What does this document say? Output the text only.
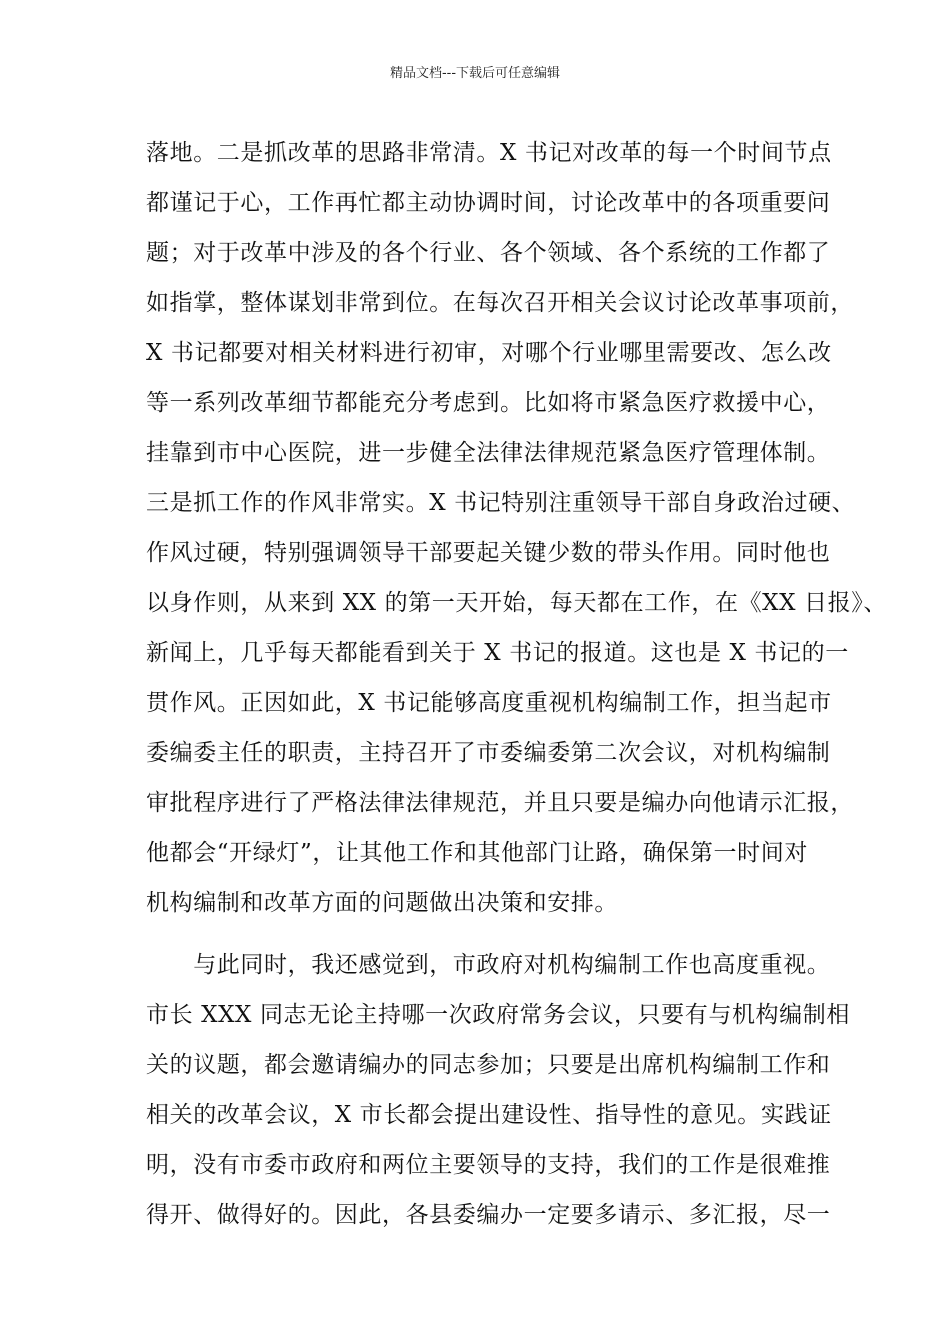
精品文档---下载后可任意编辑
落地。二是抓改革的思路非常清。X 书记对改革的每一个时间节点
都谨记于心，工作再忙都主动协调时间，讨论改革中的各项重要问
题；对于改革中涉及的各个行业、各个领域、各个系统的工作都了
如指掌，整体谋划非常到位。在每次召开相关会议讨论改革事项前，
X 书记都要对相关材料进行初审，对哪个行业哪里需要改、怎么改
等一系列改革细节都能充分考虑到。比如将市紧急医疗救援中心，
挂靠到市中心医院，进一步健全法律法律规范紧急医疗管理体制。
三是抓工作的作风非常实。X 书记特别注重领导干部自身政治过硬、
作风过硬，特别强调领导干部要起关键少数的带头作用。同时他也
以身作则，从来到 XX 的第一天开始，每天都在工作，在《XX 日报》、
新闻上，几乎每天都能看到关于 X 书记的报道。这也是 X 书记的一
贯作风。正因如此，X 书记能够高度重视机构编制工作，担当起市
委编委主任的职责，主持召开了市委编委第二次会议，对机构编制
审批程序进行了严格法律法律规范，并且只要是编办向他请示汇报，
他都会“开绿灯”，让其他工作和其他部门让路，确保第一时间对
机构编制和改革方面的问题做出决策和安排。
　　与此同时，我还感觉到，市政府对机构编制工作也高度重视。
市长 XXX 同志无论主持哪一次政府常务会议，只要有与机构编制相
关的议题，都会邀请编办的同志参加；只要是出席机构编制工作和
相关的改革会议，X 市长都会提出建设性、指导性的意见。实践证
明，没有市委市政府和两位主要领导的支持，我们的工作是很难推
得开、做得好的。因此，各县委编办一定要多请示、多汇报，尽一
